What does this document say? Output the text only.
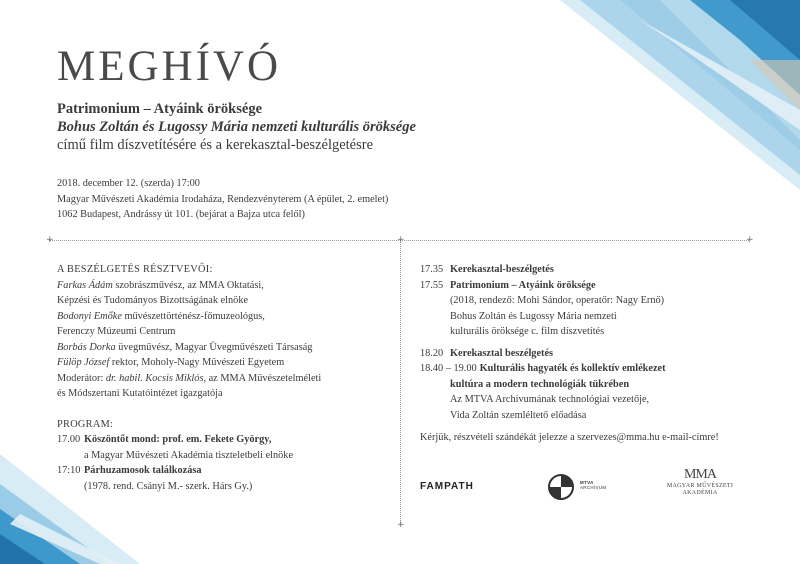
MEGHÍVÓ
Patrimonium – Atyáink öröksége
Bohus Zoltán és Lugossy Mária nemzeti kulturális öröksége
című film díszvetítésére és a kerekasztal-beszélgetésre
2018. december 12. (szerda) 17:00
Magyar Művészeti Akadémia Irodaháza, Rendezvényterem (A épület, 2. emelet)
1062 Budapest, Andrássy út 101. (bejárat a Bajza utca felől)
+	+	+
+
A BESZÉLGETÉS RÉSZTVEVŐI:
Farkas Ádám szobrászművész, az MMA Oktatási,
Képzési és Tudományos Bizottságának elnöke
Bodonyi Emőke művészettörténész-főmuzeológus,
Ferenczy Múzeumi Centrum
Borbás Dorka üvegművész, Magyar Üvegművészeti Társaság
Fülöp József rektor, Moholy-Nagy Művészeti Egyetem
Moderátor: dr. habil. Kocsis Miklós, az MMA Művészetelméleti
és Módszertani Kutatóintézet igazgatója
PROGRAM:
17.00 Köszöntőt mond: prof. em. Fekete György,
a Magyar Művészeti Akadémia tiszteletbeli elnöke
17:10 Párhuzamosok találkozása
(1978. rend. Csányi M.- szerk. Hárs Gy.)
17.35 Kerekasztal-beszélgetés
17.55 Patrimonium – Atyáink öröksége
(2018, rendező: Mohi Sándor, operatőr: Nagy Ernő)
Bohus Zoltán és Lugossy Mária nemzeti
kulturális öröksége c. film díszvetítés
18.20 Kerekasztal beszélgetés
18.40 – 19.00 Kulturális hagyaték és kollektív emlékezet
kultúra a modern technológiák tükrében
Az MTVA Archívumának technológiai vezetője,
Vida Zoltán szemléltető előadása
Kérjük, részvételi szándékát jelezze a szervezes@mma.hu e-mail-címre!
FAMPATH	MTVA
ARCHÍVUM
MMA
MAGYAR MŰVÉSZETI
AKADÉMIA
